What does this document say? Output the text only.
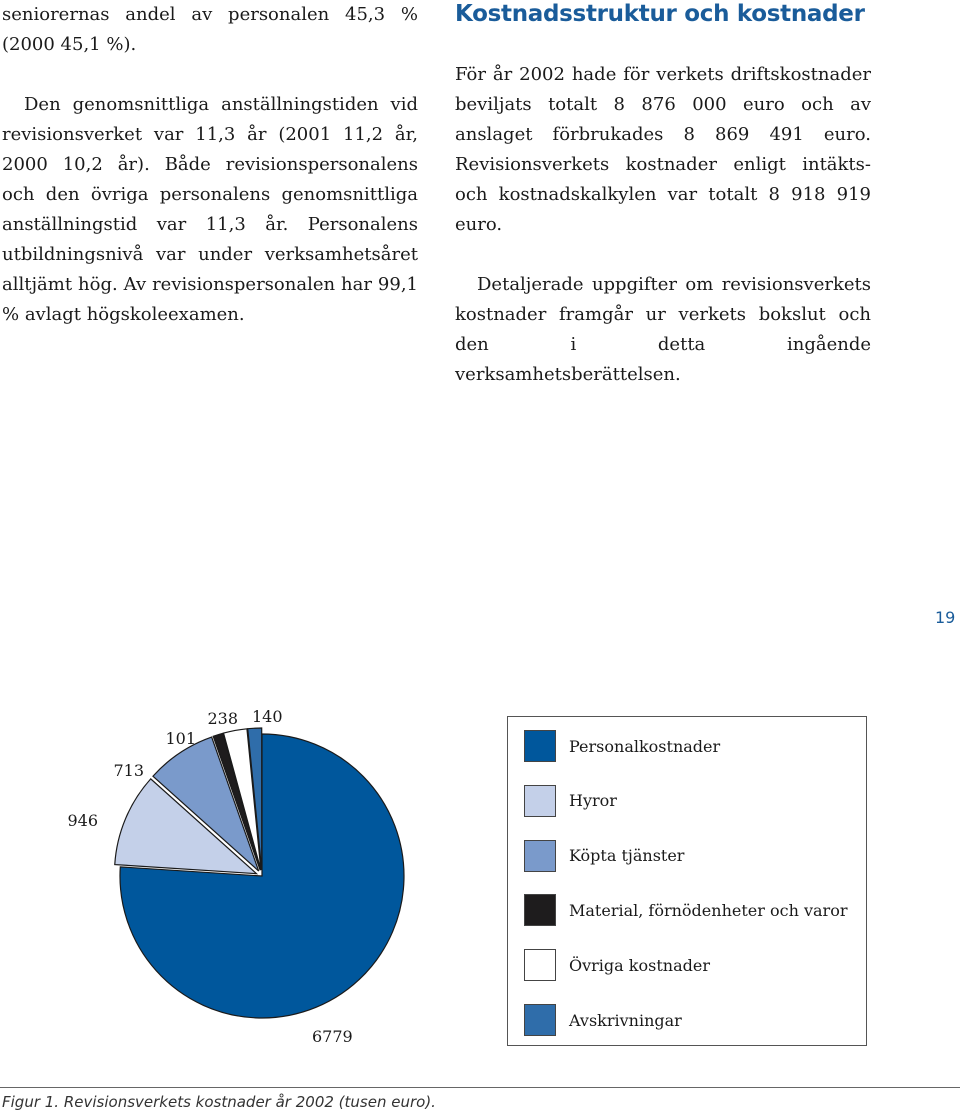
seniorernas andel av personalen 45,3 % (2000 45,1 %).

Den genomsnittliga anställningstiden vid revisionsverket var 11,3 år (2001 11,2 år, 2000 10,2 år). Både revisionspersonalens och den övriga personalens genomsnittliga anställningstid var 11,3 år. Personalens utbildningsnivå var under verksamhetsåret alltjämt hög. Av revisionspersonalen har 99,1 % avlagt högskoleexamen.

Kostnadsstruktur och kostnader

För år 2002 hade för verkets driftskostnader beviljats totalt 8 876 000 euro och av anslaget förbrukades 8 869 491 euro. Revisionsverkets kostnader enligt intäkts- och kostnadskalkylen var totalt 8 918 919 euro.

Detaljerade uppgifter om revisionsverkets kostnader framgår ur verkets bokslut och den i detta ingående verksamhetsberättelsen.

19
6779
946
713
101
238 140
Personalkostnader
Hyror
Köpta tjänster
Material, förnödenheter och varor
Övriga kostnader
Avskrivningar
Figur 1. Revisionsverkets kostnader år 2002 (tusen euro).
